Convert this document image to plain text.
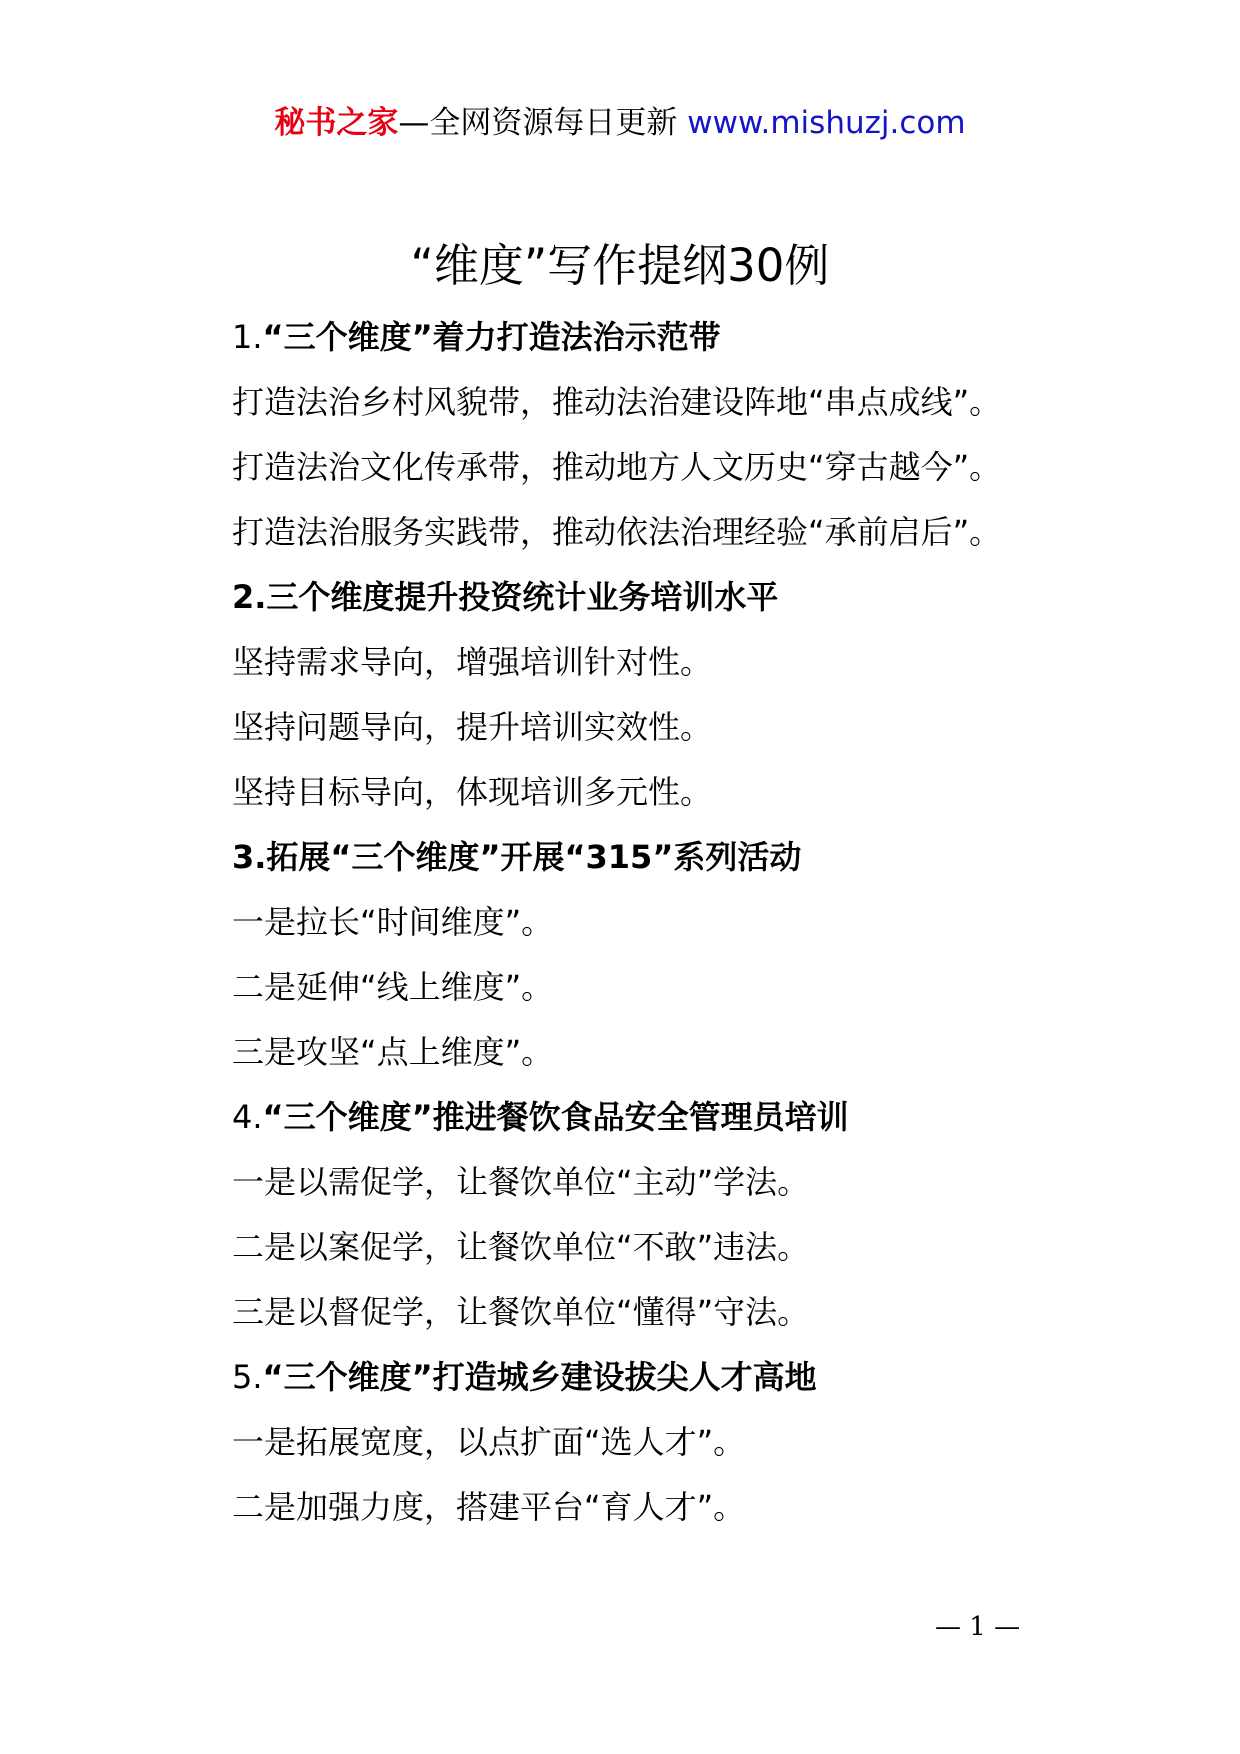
秘书之家—全网资源每日更新 www.mishuzj.com
“维度”写作提纲30例
1.“三个维度”着力打造法治示范带
打造法治乡村风貌带，推动法治建设阵地“串点成线”。
打造法治文化传承带，推动地方人文历史“穿古越今”。
打造法治服务实践带，推动依法治理经验“承前启后”。
2.三个维度提升投资统计业务培训水平
坚持需求导向，增强培训针对性。
坚持问题导向，提升培训实效性。
坚持目标导向，体现培训多元性。
3.拓展“三个维度”开展“315”系列活动
一是拉长“时间维度”。
二是延伸“线上维度”。
三是攻坚“点上维度”。
4.“三个维度”推进餐饮食品安全管理员培训
一是以需促学，让餐饮单位“主动”学法。
二是以案促学，让餐饮单位“不敢”违法。
三是以督促学，让餐饮单位“懂得”守法。
5.“三个维度”打造城乡建设拔尖人才高地
一是拓展宽度，以点扩面“选人才”。
二是加强力度，搭建平台“育人才”。
— 1 —
